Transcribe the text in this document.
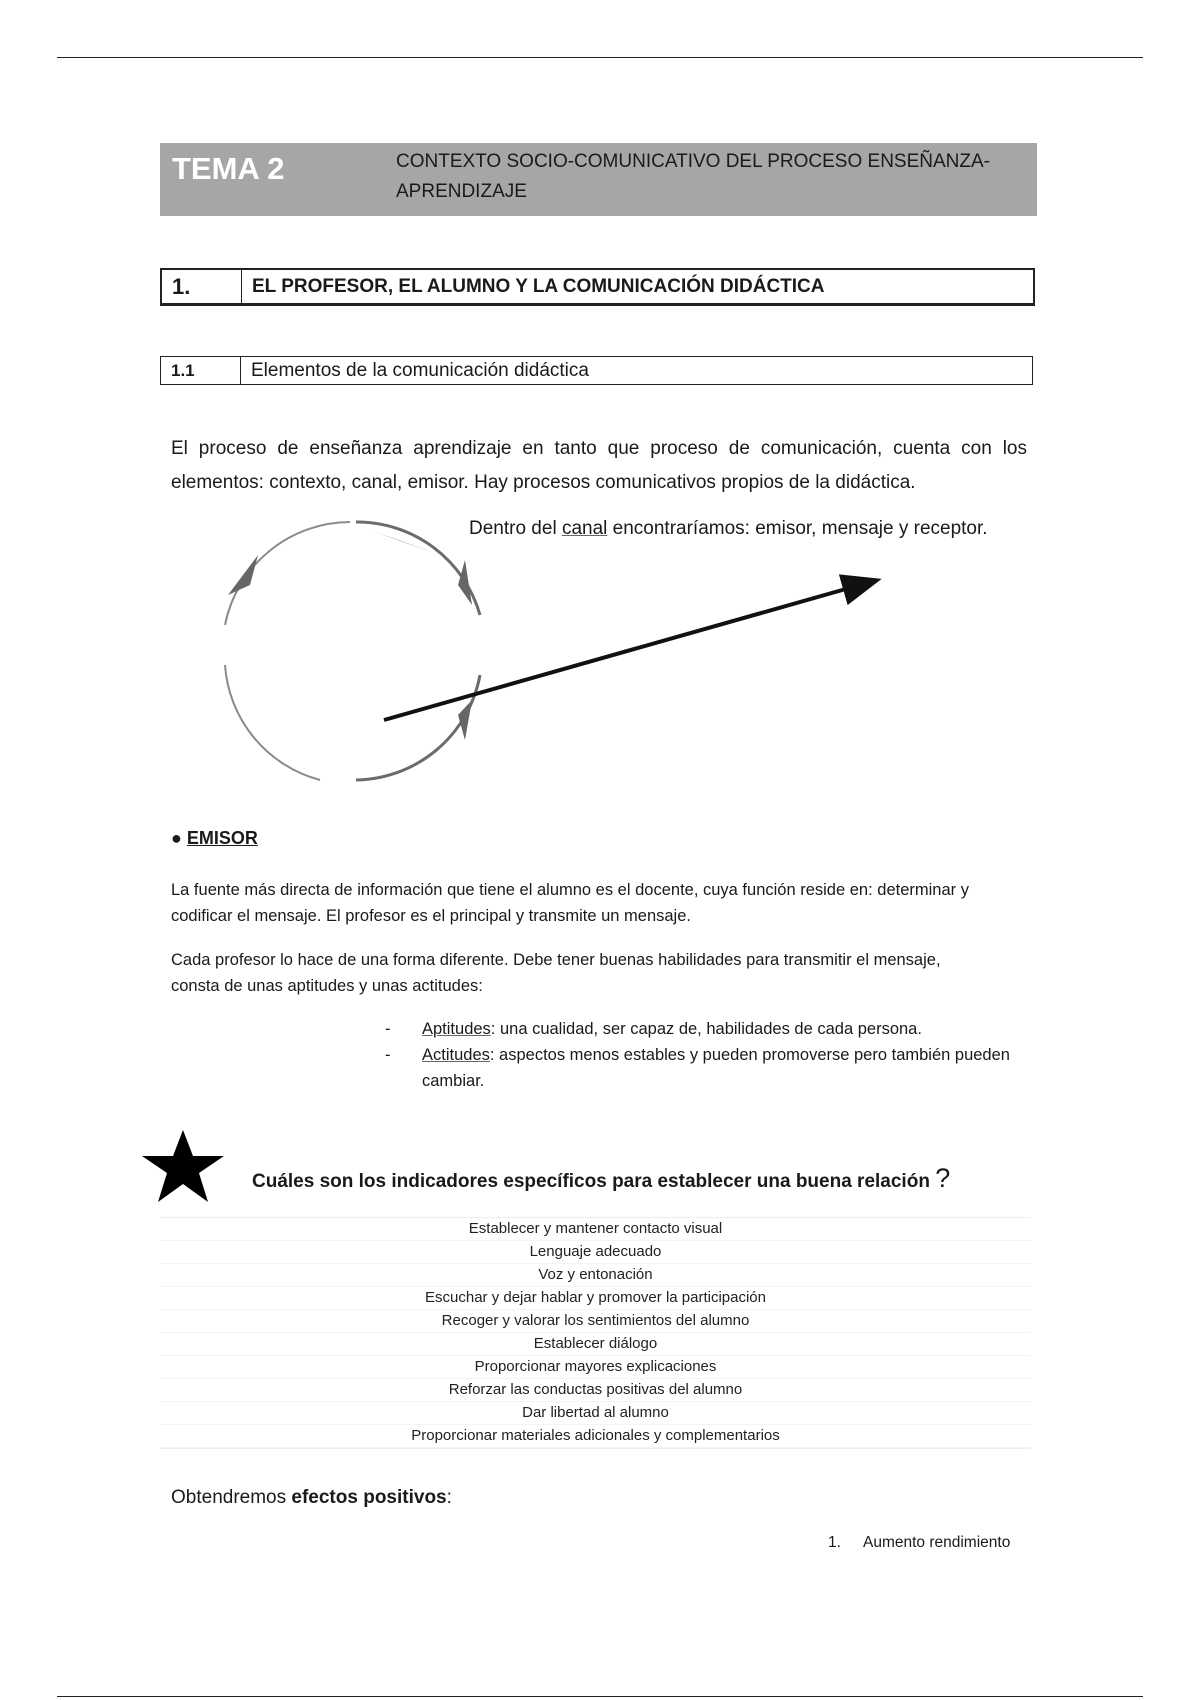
TEMA 2	CONTEXTO SOCIO-COMUNICATIVO DEL PROCESO ENSEÑANZA-APRENDIZAJE
1.	EL PROFESOR, EL ALUMNO Y LA COMUNICACIÓN DIDÁCTICA
1.1	Elementos de la comunicación didáctica
El proceso de enseñanza aprendizaje en tanto que proceso de comunicación, cuenta con los elementos: contexto, canal, emisor. Hay procesos comunicativos propios de la didáctica.
Dentro del canal encontraríamos: emisor, mensaje y receptor.
● EMISOR
La fuente más directa de información que tiene el alumno es el docente, cuya función reside en: determinar y codificar el mensaje. El profesor es el principal y transmite un mensaje.
Cada profesor lo hace de una forma diferente. Debe tener buenas habilidades para transmitir el mensaje, consta de unas aptitudes y unas actitudes:
-	Aptitudes: una cualidad, ser capaz de, habilidades de cada persona.
-	Actitudes: aspectos menos estables y pueden promoverse pero también pueden cambiar.
Cuáles son los indicadores específicos para establecer una buena relación ?
Establecer y mantener contacto visual
Lenguaje adecuado
Voz y entonación
Escuchar y dejar hablar y promover la participación
Recoger y valorar los sentimientos del alumno
Establecer diálogo
Proporcionar mayores explicaciones
Reforzar las conductas positivas del alumno
Dar libertad al alumno
Proporcionar materiales adicionales y complementarios
Obtendremos efectos positivos:
1. Aumento rendimiento
